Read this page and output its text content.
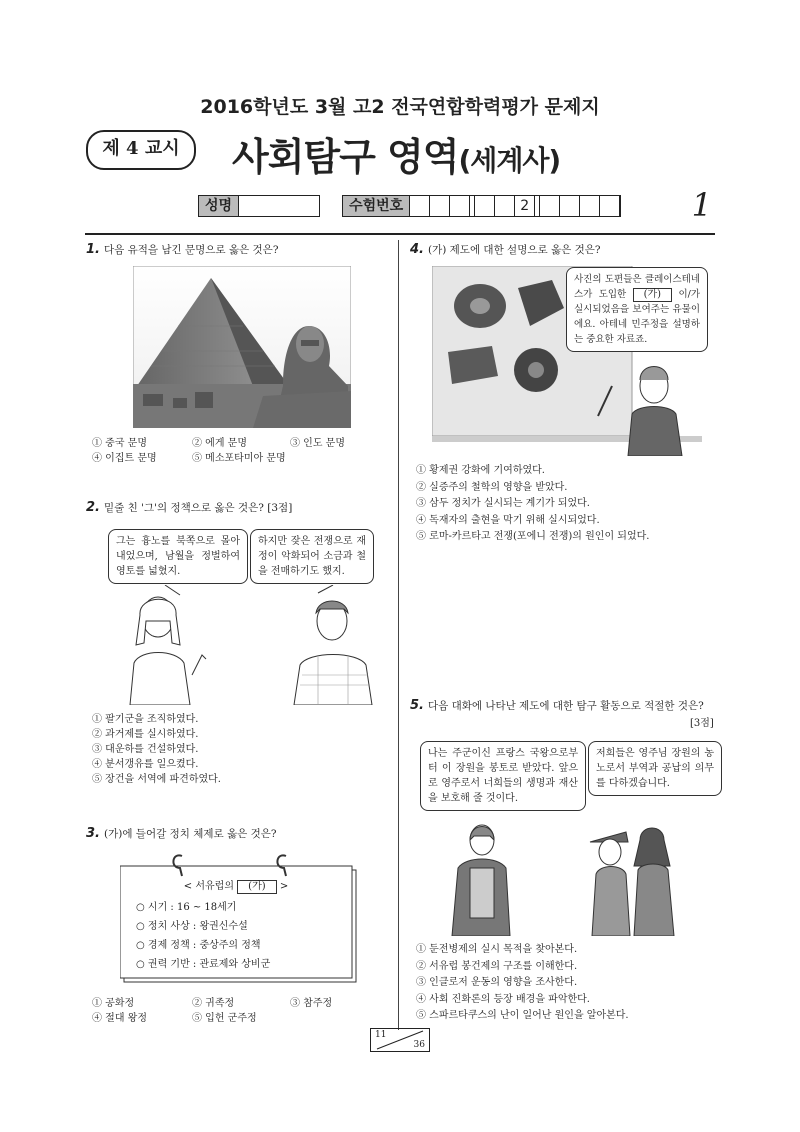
2016학년도 3월 고2 전국연합학력평가 문제지
제 4 교시	사회탐구 영역(세계사)
성명	수험번호	2	1
1. 다음 유적을 남긴 문명으로 옳은 것은?
① 중국 문명	② 에게 문명	③ 인도 문명
④ 이집트 문명	⑤ 메소포타미아 문명
2. 밑줄 친 '그'의 정책으로 옳은 것은? [3점]
그는 흉노를 북쪽으로 몰아내었으며, 남월을 정벌하여 영토를 넓혔지.
하지만 잦은 전쟁으로 재정이 악화되어 소금과 철을 전매하기도 했지.
① 팔기군을 조직하였다.
② 과거제를 실시하였다.
③ 대운하를 건설하였다.
④ 분서갱유를 일으켰다.
⑤ 장건을 서역에 파견하였다.
3. (가)에 들어갈 정치 체제로 옳은 것은?
< 서유럽의 (가) >
○ 시기 : 16 ~ 18세기
○ 정치 사상 : 왕권신수설
○ 경제 정책 : 중상주의 정책
○ 권력 기반 : 관료제와 상비군
① 공화정	② 귀족정	③ 참주정
④ 절대 왕정	⑤ 입헌 군주정
4. (가) 제도에 대한 설명으로 옳은 것은?
사진의 도편들은 클레이스테네스가 도입한 (가) 이/가 실시되었음을 보여주는 유물이에요. 아테네 민주정을 설명하는 중요한 자료죠.
① 황제권 강화에 기여하였다.
② 실증주의 철학의 영향을 받았다.
③ 삼두 정치가 실시되는 계기가 되었다.
④ 독재자의 출현을 막기 위해 실시되었다.
⑤ 로마-카르타고 전쟁(포에니 전쟁)의 원인이 되었다.
5. 다음 대화에 나타난 제도에 대한 탐구 활동으로 적절한 것은?
[3점]
나는 주군이신 프랑스 국왕으로부터 이 장원을 봉토로 받았다. 앞으로 영주로서 너희들의 생명과 재산을 보호해 줄 것이다.
저희들은 영주님 장원의 농노로서 부역과 공납의 의무를 다하겠습니다.
① 둔전병제의 실시 목적을 찾아본다.
② 서유럽 봉건제의 구조를 이해한다.
③ 인클로저 운동의 영향을 조사한다.
④ 사회 진화론의 등장 배경을 파악한다.
⑤ 스파르타쿠스의 난이 일어난 원인을 알아본다.
11
36
